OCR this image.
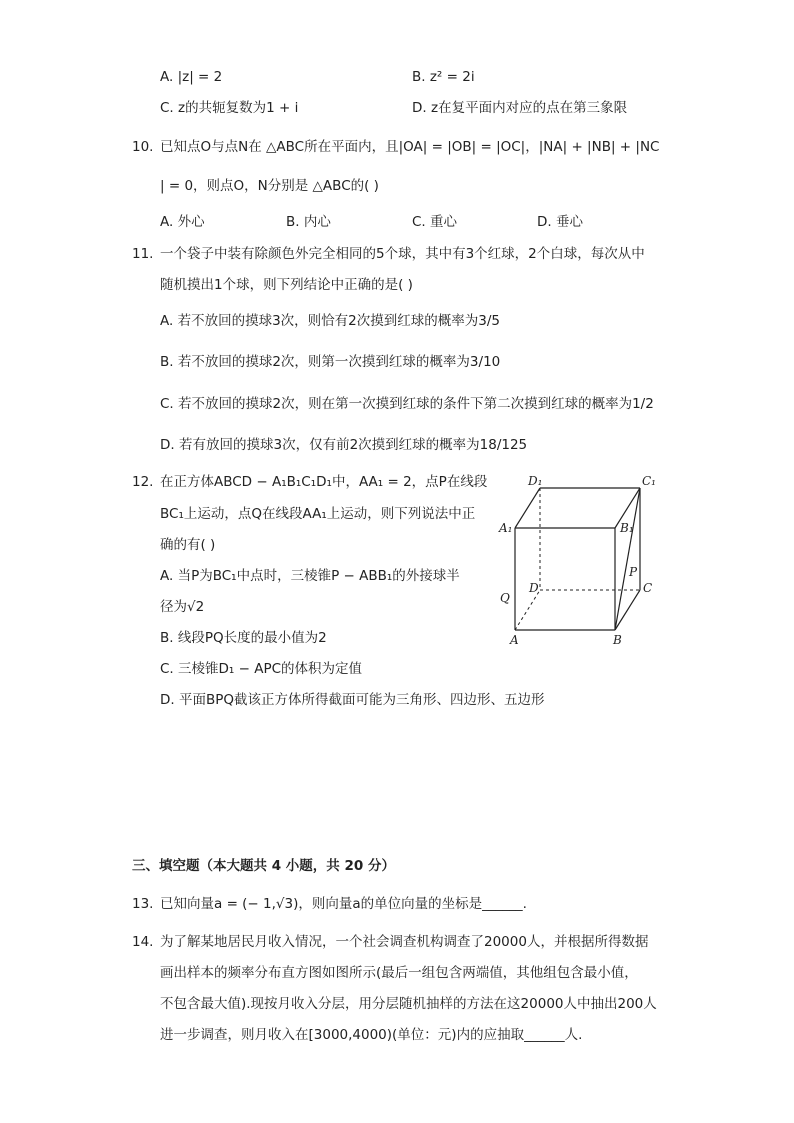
A. |z| = 2	B. z² = 2i
C. z的共轭复数为1 + i	D. z在复平面内对应的点在第三象限
10. 已知点O与点N在 △ABC所在平面内，且|OA| = |OB| = |OC|，|NA| + |NB| + |NC
| = 0，则点O，N分别是 △ABC的( )
A. 外心	B. 内心	C. 重心	D. 垂心
11. 一个袋子中装有除颜色外完全相同的5个球，其中有3个红球，2个白球，每次从中
随机摸出1个球，则下列结论中正确的是( )
A. 若不放回的摸球3次，则恰有2次摸到红球的概率为3/5
B. 若不放回的摸球2次，则第一次摸到红球的概率为3/10
C. 若不放回的摸球2次，则在第一次摸到红球的条件下第二次摸到红球的概率为1/2
D. 若有放回的摸球3次，仅有前2次摸到红球的概率为18/125
12. 在正方体ABCD − A₁B₁C₁D₁中，AA₁ = 2，点P在线段
BC₁上运动，点Q在线段AA₁上运动，则下列说法中正
确的有( )
A. 当P为BC₁中点时，三棱锥P − ABB₁的外接球半
径为√2
B. 线段PQ长度的最小值为2
C. 三棱锥D₁ − APC的体积为定值
D. 平面BPQ截该正方体所得截面可能为三角形、四边形、五边形
D₁	C₁
A₁	B₁
D	C
P
Q
A	B
三、填空题（本大题共 4 小题，共 20 分）
13. 已知向量a = (− 1,√3)，则向量a的单位向量的坐标是______.
14. 为了解某地居民月收入情况，一个社会调查机构调查了20000人，并根据所得数据
画出样本的频率分布直方图如图所示(最后一组包含两端值，其他组包含最小值，
不包含最大值).现按月收入分层，用分层随机抽样的方法在这20000人中抽出200人
进一步调查，则月收入在[3000,4000)(单位：元)内的应抽取______人.
